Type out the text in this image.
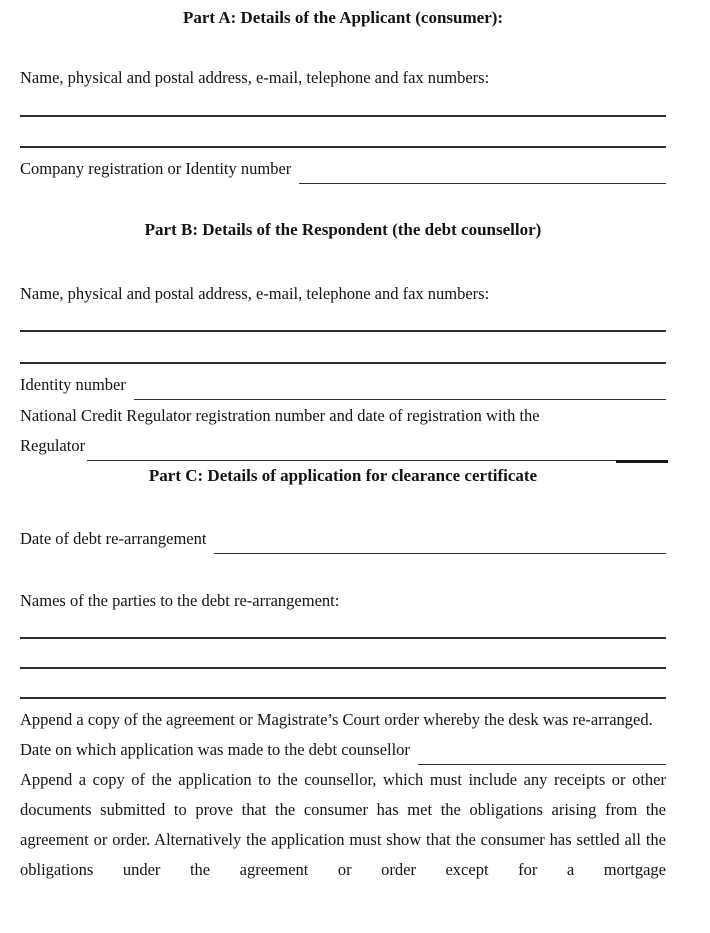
Part A: Details of the Applicant (consumer):
Name, physical and postal address, e-mail, telephone and fax numbers:
Company registration or Identity number
Part B: Details of the Respondent (the debt counsellor)
Name, physical and postal address, e-mail, telephone and fax numbers:
Identity number
National Credit Regulator registration number and date of registration with the
Regulator
Part C: Details of application for clearance certificate
Date of debt re-arrangement
Names of the parties to the debt re-arrangement:
Append a copy of the agreement or Magistrate’s Court order whereby the desk was re-arranged.
Date on which application was made to the debt counsellor
Append a copy of the application to the counsellor, which must include any receipts or other documents submitted to prove that the consumer has met the obligations arising from the agreement or order. Alternatively the application must show that the consumer has settled all the obligations under the agreement or order except for a mortgage
